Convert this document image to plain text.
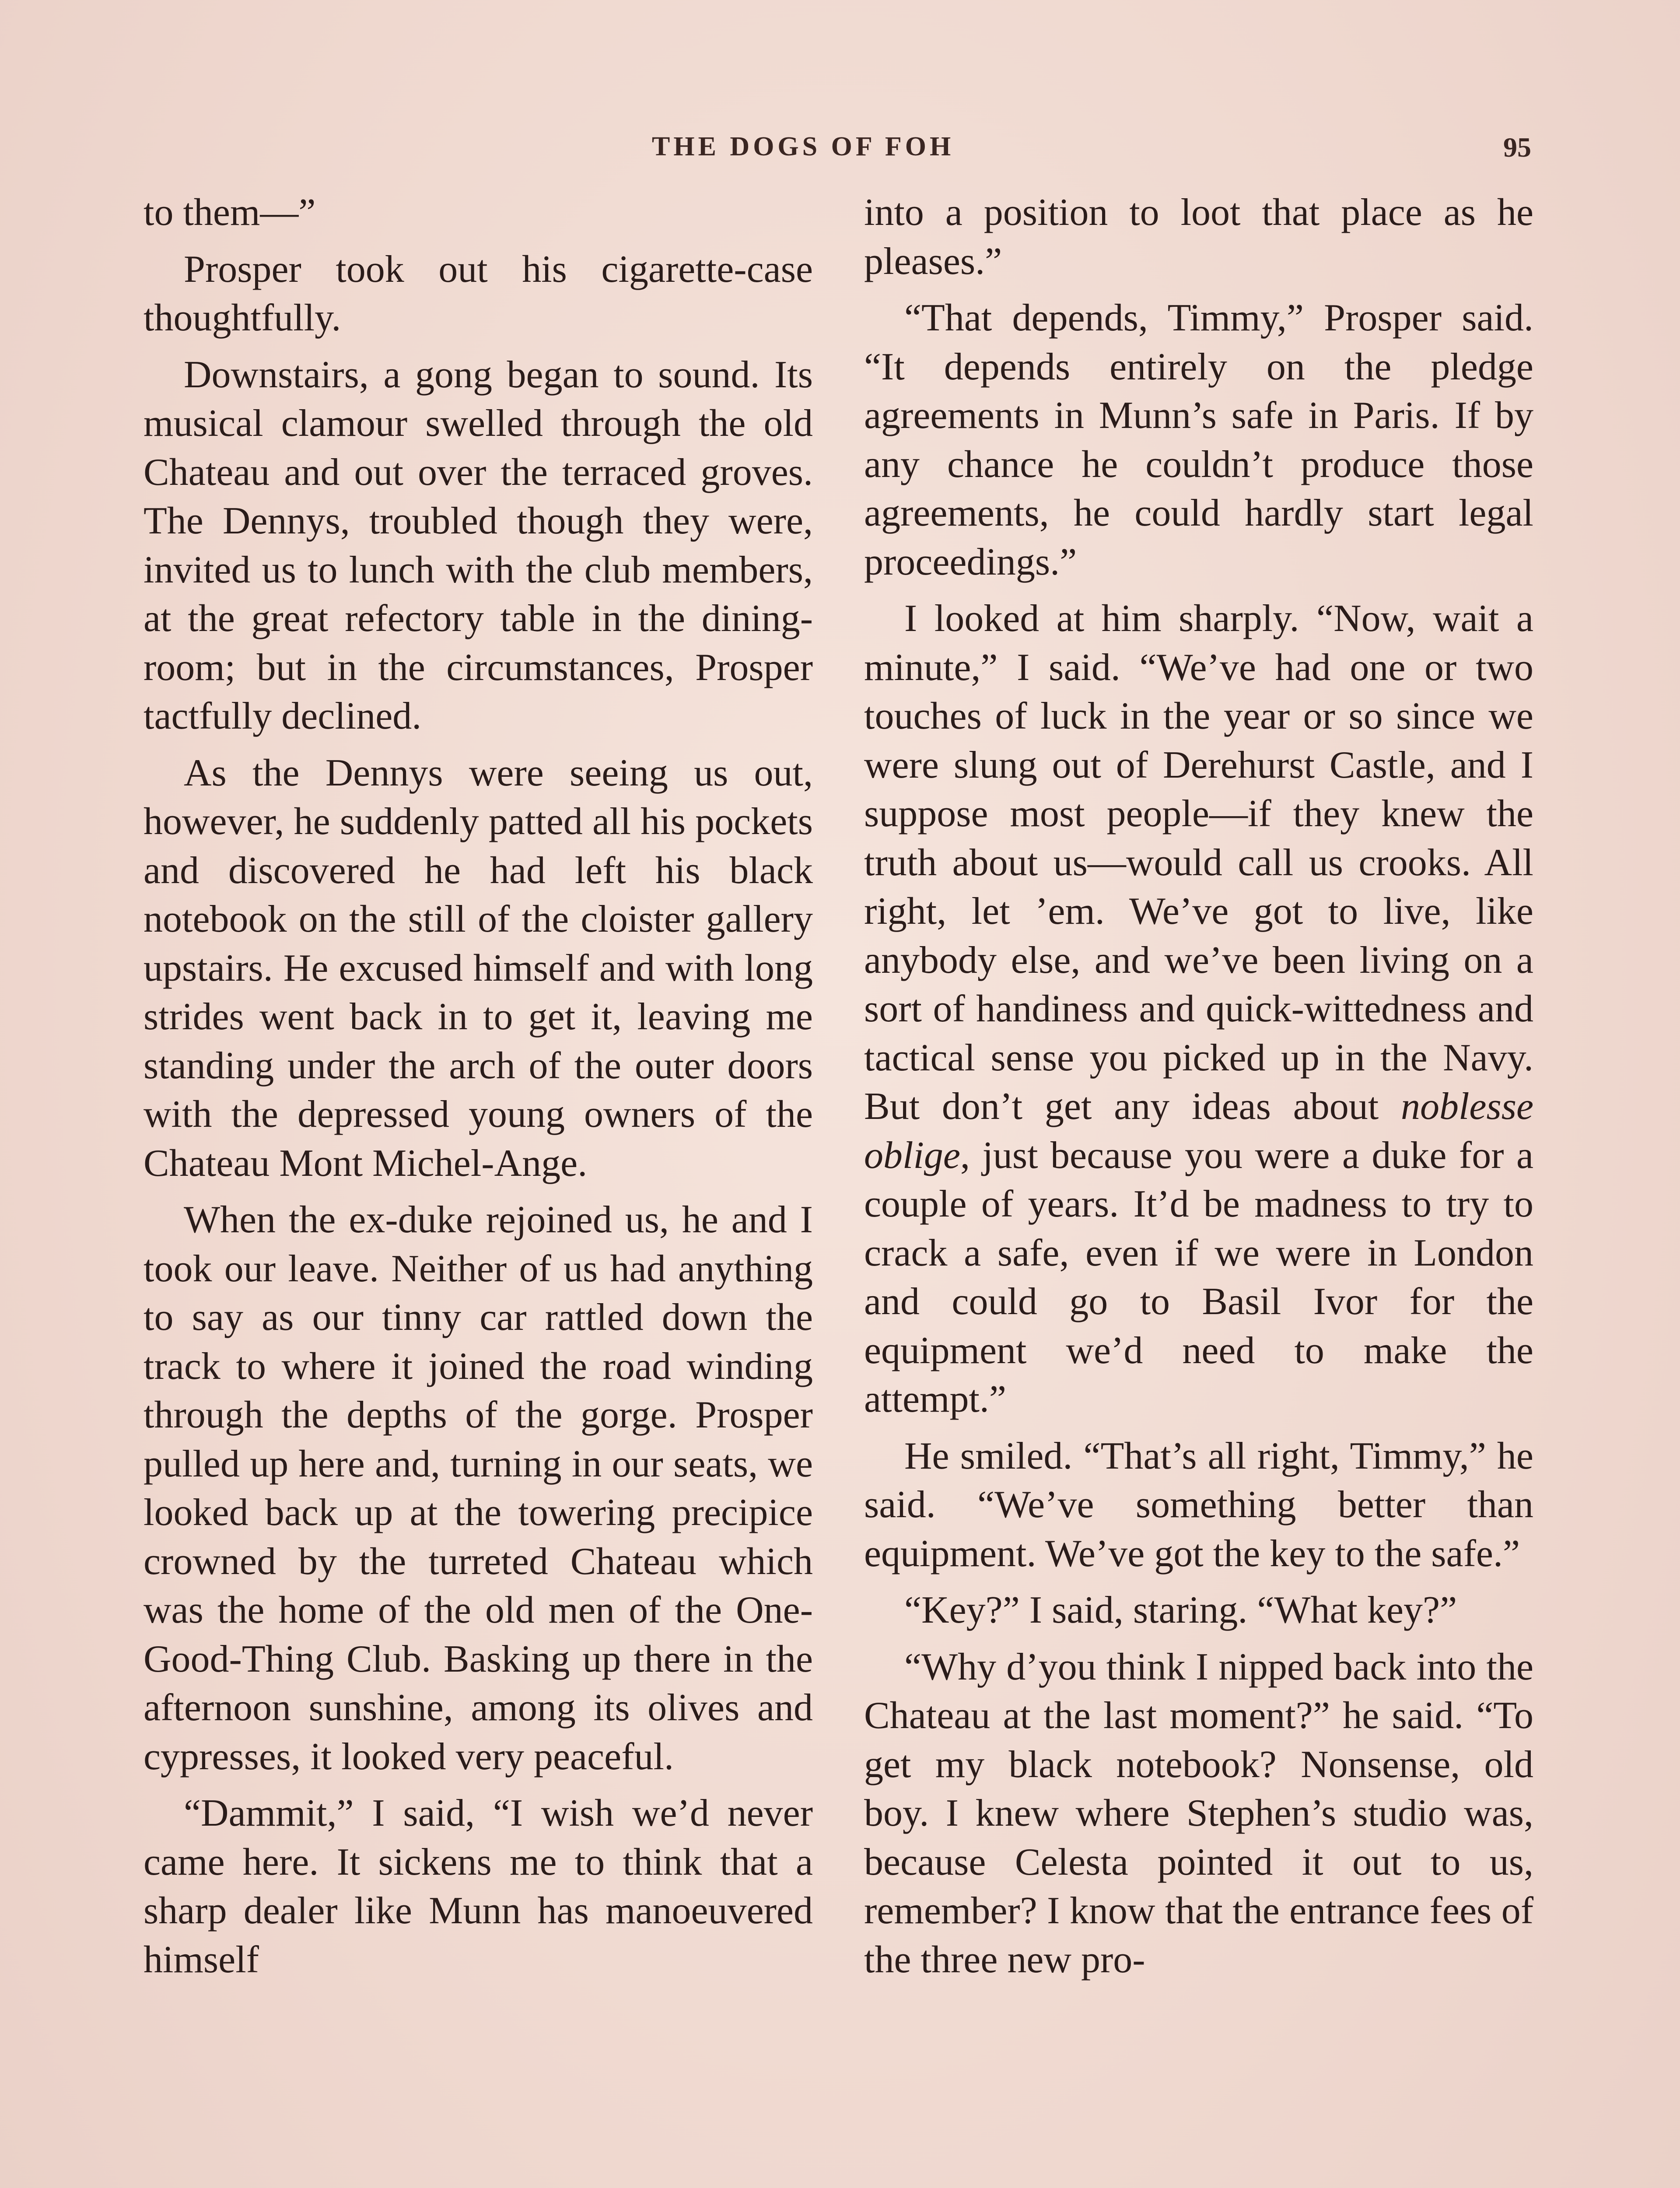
THE DOGS OF FOH	95

to them—”

Prosper took out his cigarette-case thoughtfully.

Downstairs, a gong began to sound. Its musical clamour swelled through the old Chateau and out over the terraced groves. The Dennys, troubled though they were, invited us to lunch with the club members, at the great refectory table in the dining-room; but in the circumstances, Prosper tactfully declined.

As the Dennys were seeing us out, however, he suddenly patted all his pockets and discovered he had left his black notebook on the still of the cloister gallery upstairs. He excused himself and with long strides went back in to get it, leaving me standing under the arch of the outer doors with the depressed young owners of the Chateau Mont Michel-Ange.

When the ex-duke rejoined us, he and I took our leave. Neither of us had anything to say as our tinny car rattled down the track to where it joined the road winding through the depths of the gorge. Prosper pulled up here and, turning in our seats, we looked back up at the towering precipice crowned by the turreted Chateau which was the home of the old men of the One-Good-Thing Club. Basking up there in the afternoon sunshine, among its olives and cypresses, it looked very peaceful.

“Dammit,” I said, “I wish we’d never came here. It sickens me to think that a sharp dealer like Munn has manoeuvered himself

into a position to loot that place as he pleases.”

“That depends, Timmy,” Prosper said. “It depends entirely on the pledge agreements in Munn’s safe in Paris. If by any chance he couldn’t produce those agreements, he could hardly start legal proceedings.”

I looked at him sharply. “Now, wait a minute,” I said. “We’ve had one or two touches of luck in the year or so since we were slung out of Derehurst Castle, and I suppose most people—if they knew the truth about us—would call us crooks. All right, let ’em. We’ve got to live, like anybody else, and we’ve been living on a sort of handiness and quick-wittedness and tactical sense you picked up in the Navy. But don’t get any ideas about noblesse oblige, just because you were a duke for a couple of years. It’d be madness to try to crack a safe, even if we were in London and could go to Basil Ivor for the equipment we’d need to make the attempt.”

He smiled. “That’s all right, Timmy,” he said. “We’ve something better than equipment. We’ve got the key to the safe.”

“Key?” I said, staring. “What key?”

“Why d’you think I nipped back into the Chateau at the last moment?” he said. “To get my black notebook? Nonsense, old boy. I knew where Stephen’s studio was, because Celesta pointed it out to us, remember? I know that the entrance fees of the three new pro-
